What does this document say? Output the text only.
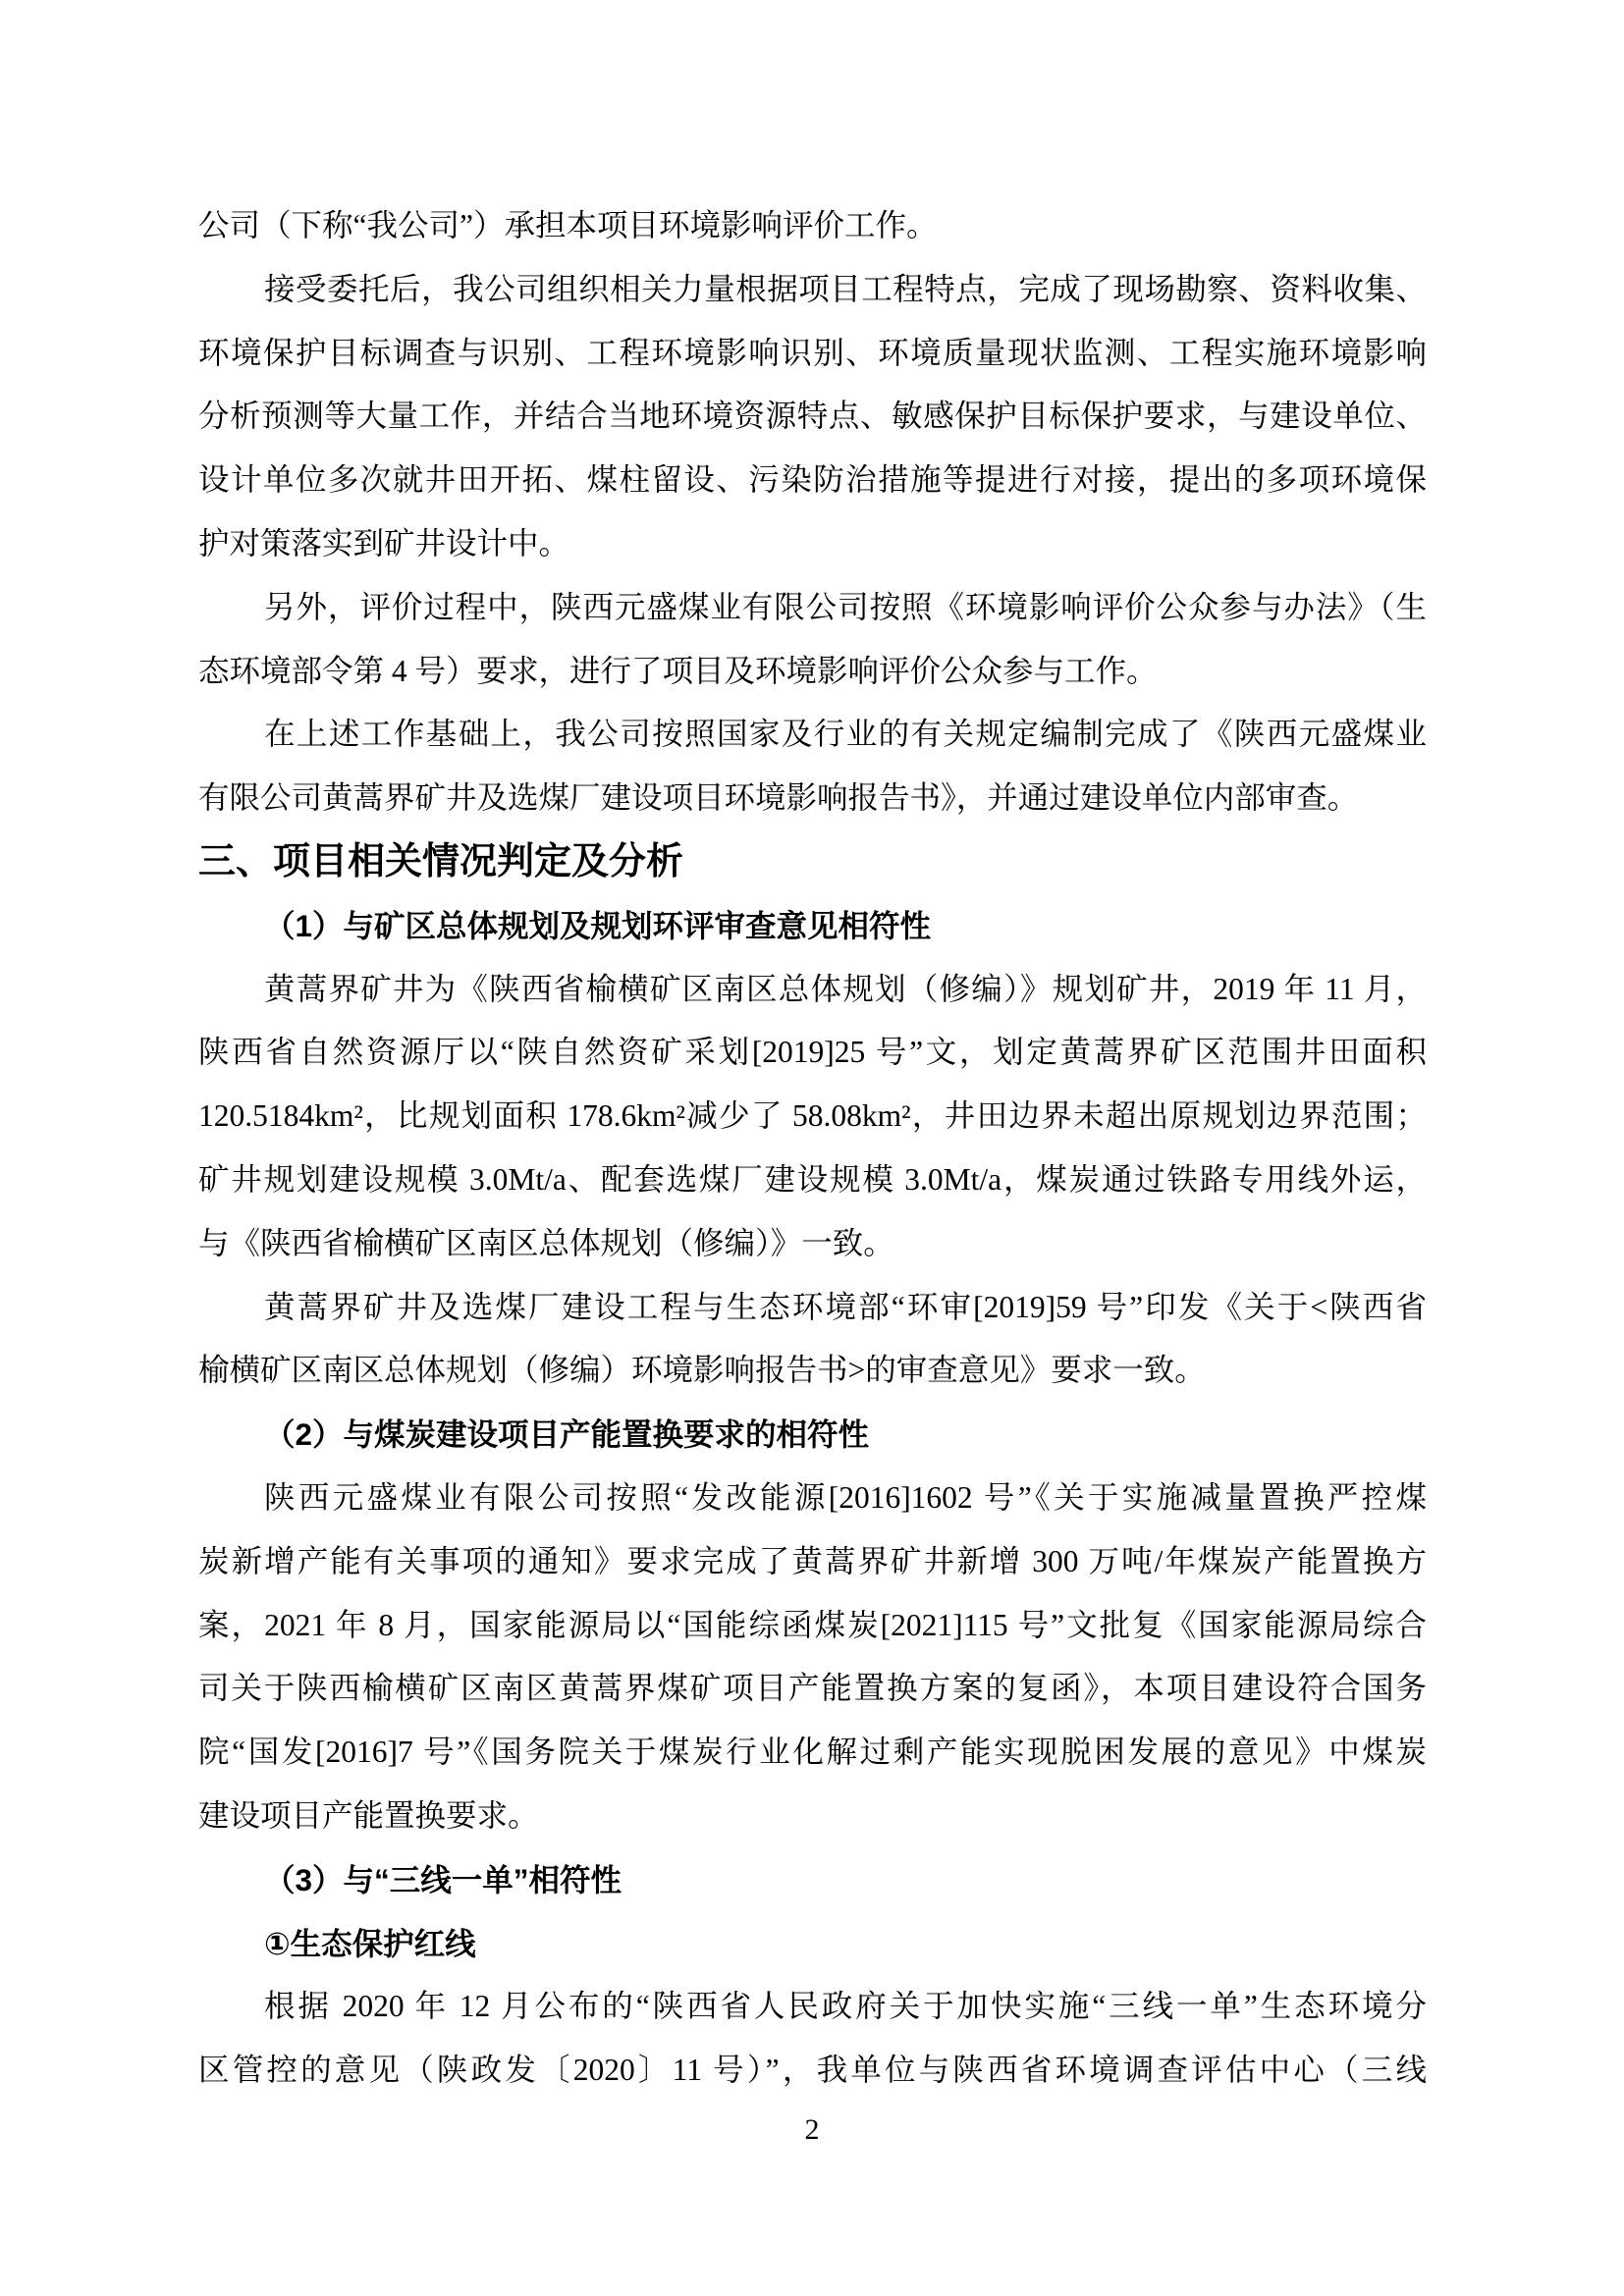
公司（下称“我公司”）承担本项目环境影响评价工作。
接受委托后，我公司组织相关力量根据项目工程特点，完成了现场勘察、资料收集、
环境保护目标调查与识别、工程环境影响识别、环境质量现状监测、工程实施环境影响
分析预测等大量工作，并结合当地环境资源特点、敏感保护目标保护要求，与建设单位、
设计单位多次就井田开拓、煤柱留设、污染防治措施等提进行对接，提出的多项环境保
护对策落实到矿井设计中。
另外，评价过程中，陕西元盛煤业有限公司按照《环境影响评价公众参与办法》（生
态环境部令第 4 号）要求，进行了项目及环境影响评价公众参与工作。
在上述工作基础上，我公司按照国家及行业的有关规定编制完成了《陕西元盛煤业
有限公司黄蒿界矿井及选煤厂建设项目环境影响报告书》，并通过建设单位内部审查。
三、项目相关情况判定及分析
（1）与矿区总体规划及规划环评审查意见相符性
黄蒿界矿井为《陕西省榆横矿区南区总体规划（修编）》规划矿井，2019 年 11 月，
陕西省自然资源厅以“陕自然资矿采划[2019]25 号”文，划定黄蒿界矿区范围井田面积
120.5184km²，比规划面积 178.6km²减少了 58.08km²，井田边界未超出原规划边界范围；
矿井规划建设规模 3.0Mt/a、配套选煤厂建设规模 3.0Mt/a，煤炭通过铁路专用线外运，
与《陕西省榆横矿区南区总体规划（修编）》一致。
黄蒿界矿井及选煤厂建设工程与生态环境部“环审[2019]59 号”印发《关于<陕西省
榆横矿区南区总体规划（修编）环境影响报告书>的审查意见》要求一致。
（2）与煤炭建设项目产能置换要求的相符性
陕西元盛煤业有限公司按照“发改能源[2016]1602 号”《关于实施减量置换严控煤
炭新增产能有关事项的通知》要求完成了黄蒿界矿井新增 300 万吨/年煤炭产能置换方
案，2021 年 8 月，国家能源局以“国能综函煤炭[2021]115 号”文批复《国家能源局综合
司关于陕西榆横矿区南区黄蒿界煤矿项目产能置换方案的复函》，本项目建设符合国务
院“国发[2016]7 号”《国务院关于煤炭行业化解过剩产能实现脱困发展的意见》中煤炭
建设项目产能置换要求。
（3）与“三线一单”相符性
①生态保护红线
根据 2020 年 12 月公布的“陕西省人民政府关于加快实施“三线一单”生态环境分
区管控的意见（陕政发〔2020〕11 号）”，我单位与陕西省环境调查评估中心（三线
2
